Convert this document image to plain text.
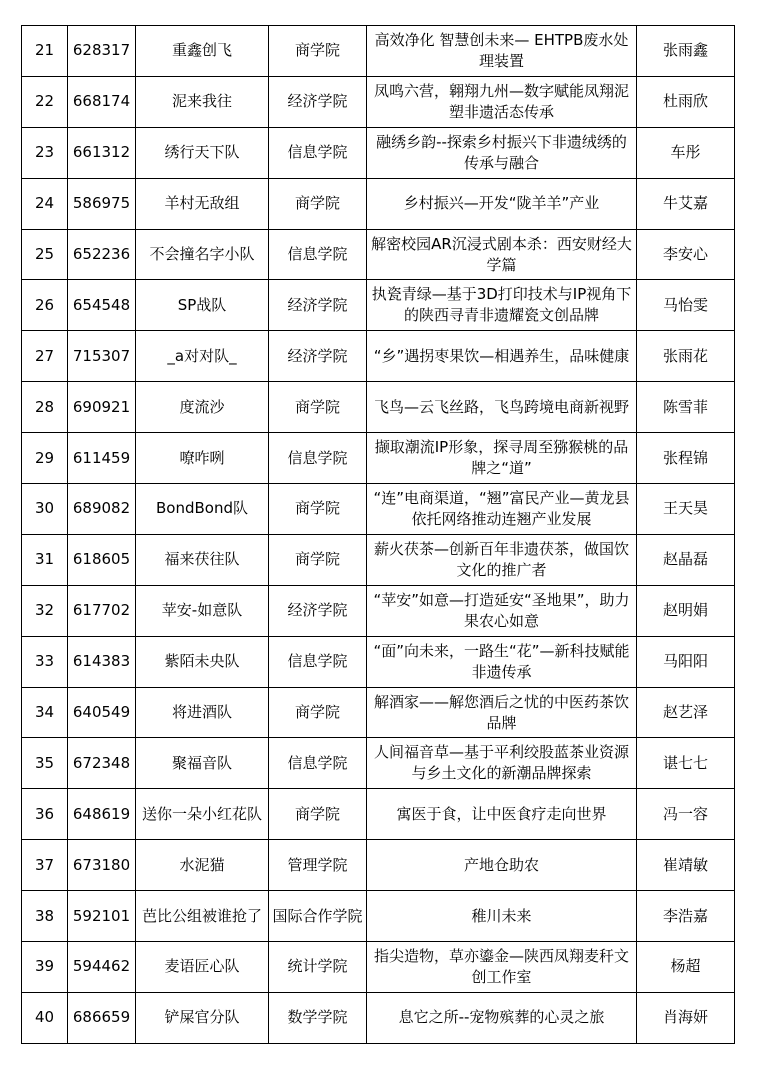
21	628317	重鑫创飞	商学院	高效净化 智慧创未来— EHTPB废水处理装置	张雨鑫
22	668174	泥来我往	经济学院	凤鸣六营，翱翔九州—数字赋能凤翔泥塑非遗活态传承	杜雨欣
23	661312	绣行天下队	信息学院	融绣乡韵--探索乡村振兴下非遗绒绣的传承与融合	车彤
24	586975	羊村无敌组	商学院	乡村振兴—开发“陇羊羊”产业	牛艾嘉
25	652236	不会撞名字小队	信息学院	解密校园AR沉浸式剧本杀：西安财经大学篇	李安心
26	654548	SP战队	经济学院	执瓷青绿—基于3D打印技术与IP视角下的陕西寻青非遗耀瓷文创品牌	马怡雯
27	715307	_a对对队_	经济学院	“乡”遇拐枣果饮—相遇养生，品味健康	张雨花
28	690921	度流沙	商学院	飞鸟—云飞丝路，飞鸟跨境电商新视野	陈雪菲
29	611459	嘹咋咧	信息学院	撷取潮流IP形象，探寻周至猕猴桃的品牌之“道”	张程锦
30	689082	BondBond队	商学院	“连”电商渠道，“翘”富民产业—黄龙县依托网络推动连翘产业发展	王天昊
31	618605	福来茯往队	商学院	薪火茯茶—创新百年非遗茯茶，做国饮文化的推广者	赵晶磊
32	617702	苹安-如意队	经济学院	“苹安”如意—打造延安“圣地果”，助力果农心如意	赵明娟
33	614383	紫陌未央队	信息学院	“面”向未来，一路生“花”—新科技赋能非遗传承	马阳阳
34	640549	将进酒队	商学院	解酒家——解您酒后之忧的中医药茶饮品牌	赵艺泽
35	672348	聚福音队	信息学院	人间福音草—基于平利绞股蓝茶业资源与乡土文化的新潮品牌探索	谌七七
36	648619	送你一朵小红花队	商学院	寓医于食，让中医食疗走向世界	冯一容
37	673180	水泥猫	管理学院	产地仓助农	崔靖敏
38	592101	芭比公组被谁抢了	国际合作学院	稚川未来	李浩嘉
39	594462	麦语匠心队	统计学院	指尖造物，草亦鎏金—陕西凤翔麦秆文创工作室	杨超
40	686659	铲屎官分队	数学学院	息它之所--宠物殡葬的心灵之旅	肖海妍
